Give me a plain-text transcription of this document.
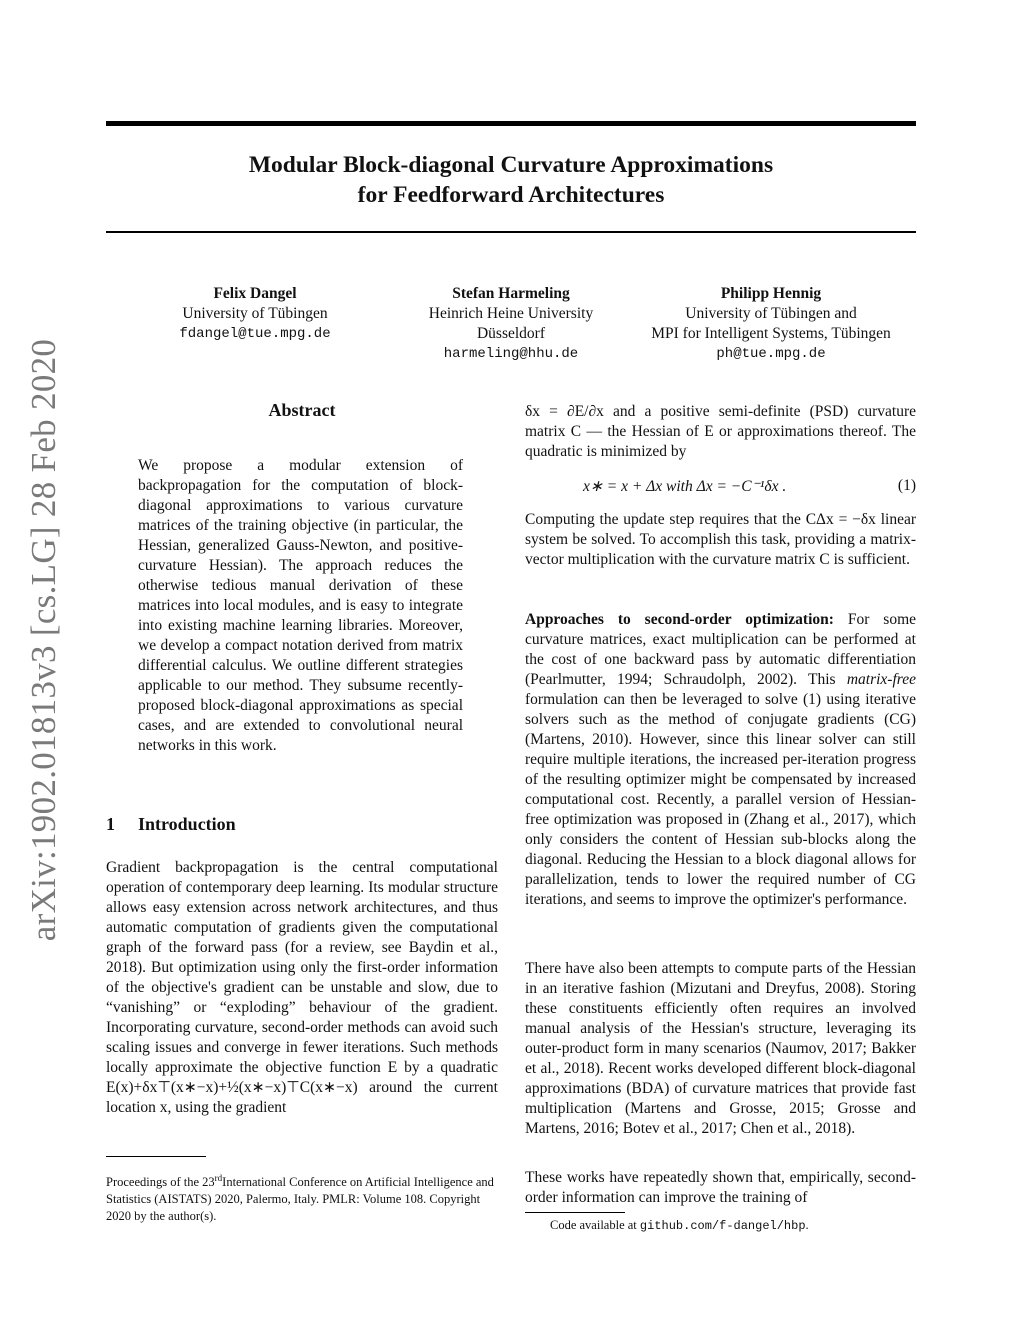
arXiv:1902.01813v3 [cs.LG] 28 Feb 2020
Modular Block-diagonal Curvature Approximations
for Feedforward Architectures
Felix Dangel
University of Tübingen
fdangel@tue.mpg.de
Stefan Harmeling
Heinrich Heine University
Düsseldorf
harmeling@hhu.de
Philipp Hennig
University of Tübingen and
MPI for Intelligent Systems, Tübingen
ph@tue.mpg.de
Abstract

We propose a modular extension of backpropagation for the computation of block-diagonal approximations to various curvature matrices of the training objective (in particular, the Hessian, generalized Gauss-Newton, and positive-curvature Hessian). The approach reduces the otherwise tedious manual derivation of these matrices into local modules, and is easy to integrate into existing machine learning libraries. Moreover, we develop a compact notation derived from matrix differential calculus. We outline different strategies applicable to our method. They subsume recently-proposed block-diagonal approximations as special cases, and are extended to convolutional neural networks in this work.

1 Introduction

Gradient backpropagation is the central computational operation of contemporary deep learning. Its modular structure allows easy extension across network architectures, and thus automatic computation of gradients given the computational graph of the forward pass (for a review, see Baydin et al., 2018). But optimization using only the first-order information of the objective's gradient can be unstable and slow, due to “vanishing” or “exploding” behaviour of the gradient. Incorporating curvature, second-order methods can avoid such scaling issues and converge in fewer iterations. Such methods locally approximate the objective function E by a quadratic E(x)+δx⊤(x∗−x)+½(x∗−x)⊤C(x∗−x) around the current location x, using the gradient

Proceedings of the 23rdInternational Conference on Artificial Intelligence and Statistics (AISTATS) 2020, Palermo, Italy. PMLR: Volume 108. Copyright 2020 by the author(s).

δx = ∂E/∂x and a positive semi-definite (PSD) curvature matrix C — the Hessian of E or approximations thereof. The quadratic is minimized by

x∗ = x + Δx with Δx = −C⁻¹δx .	(1)

Computing the update step requires that the CΔx = −δx linear system be solved. To accomplish this task, providing a matrix-vector multiplication with the curvature matrix C is sufficient.

Approaches to second-order optimization: For some curvature matrices, exact multiplication can be performed at the cost of one backward pass by automatic differentiation (Pearlmutter, 1994; Schraudolph, 2002). This matrix-free formulation can then be leveraged to solve (1) using iterative solvers such as the method of conjugate gradients (CG) (Martens, 2010). However, since this linear solver can still require multiple iterations, the increased per-iteration progress of the resulting optimizer might be compensated by increased computational cost. Recently, a parallel version of Hessian-free optimization was proposed in (Zhang et al., 2017), which only considers the content of Hessian sub-blocks along the diagonal. Reducing the Hessian to a block diagonal allows for parallelization, tends to lower the required number of CG iterations, and seems to improve the optimizer's performance.

There have also been attempts to compute parts of the Hessian in an iterative fashion (Mizutani and Dreyfus, 2008). Storing these constituents efficiently often requires an involved manual analysis of the Hessian's structure, leveraging its outer-product form in many scenarios (Naumov, 2017; Bakker et al., 2018). Recent works developed different block-diagonal approximations (BDA) of curvature matrices that provide fast multiplication (Martens and Grosse, 2015; Grosse and Martens, 2016; Botev et al., 2017; Chen et al., 2018).

These works have repeatedly shown that, empirically, second-order information can improve the training of

Code available at github.com/f-dangel/hbp.
